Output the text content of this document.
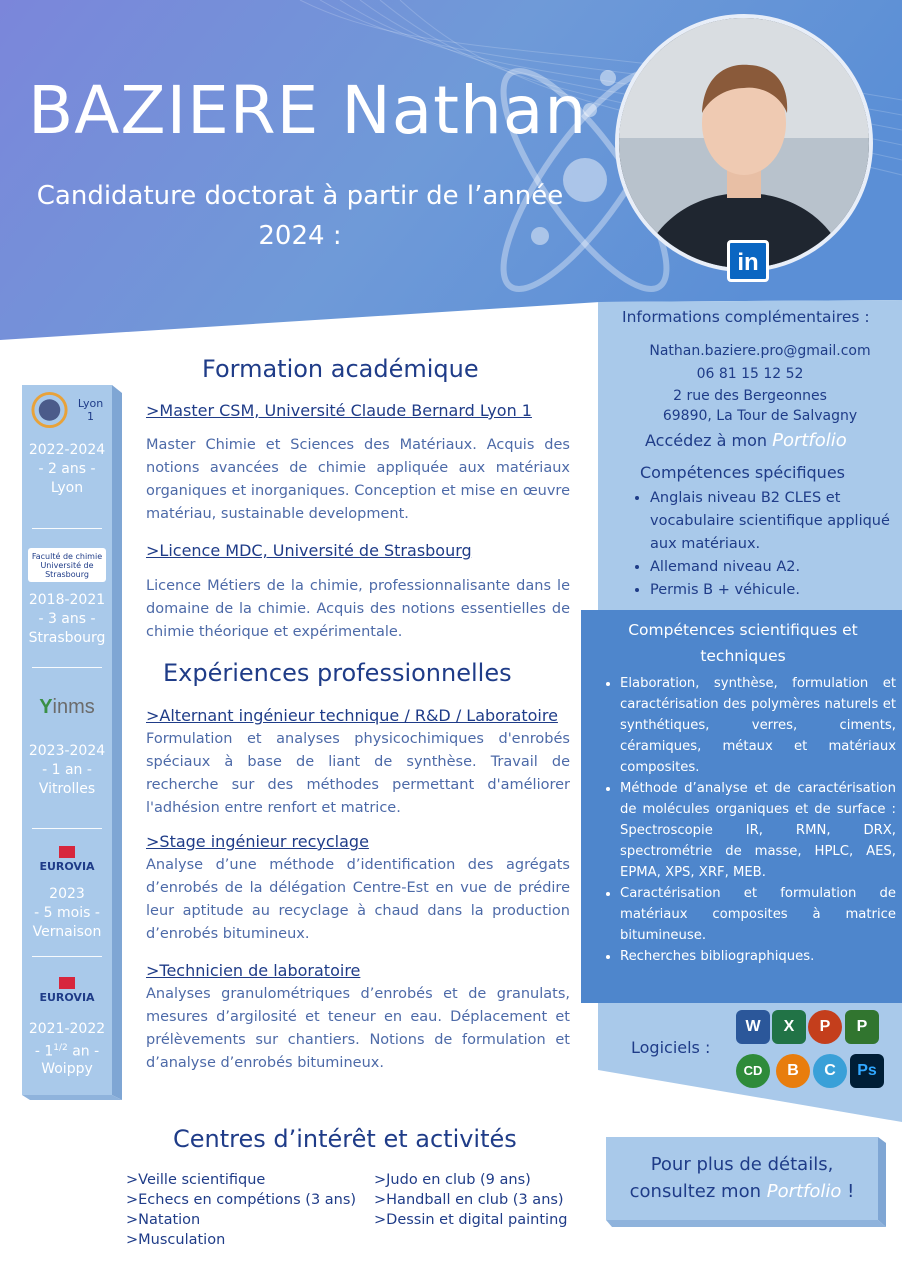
BAZIERE Nathan
Candidature doctorat à partir de l’année 2024 :
in
Informations complémentaires :
Nathan.baziere.pro@gmail.com
06 81 15 12 52
2 rue des Bergeonnes
69890, La Tour de Salvagny
Accédez à mon Portfolio
Compétences spécifiques
• Anglais niveau B2 CLES et vocabulaire scientifique appliqué aux matériaux.
• Allemand niveau A2.
• Permis B + véhicule.
Compétences scientifiques et techniques
• Elaboration, synthèse, formulation et caractérisation des polymères naturels et synthétiques, verres, ciments, céramiques, métaux et matériaux composites.
• Méthode d’analyse et de caractérisation de molécules organiques et de surface : Spectroscopie IR, RMN, DRX, spectrométrie de masse, HPLC, AES, EPMA, XPS, XRF, MEB.
• Caractérisation et formulation de matériaux composites à matrice bitumineuse.
• Recherches bibliographiques.
Logiciels :
W	X	P	P
CD	B	C	Ps
Lyon 1
2022-2024
- 2 ans -
Lyon
Faculté de chimie Université de Strasbourg
2018-2021
- 3 ans -
Strasbourg
Y inms
2023-2024
- 1 an -
Vitrolles
EUROVIA
2023
- 5 mois -
Vernaison
EUROVIA
2021-2022
- $1^{1/2}$ an -
Woippy
Formation académique
>Master CSM, Université Claude Bernard Lyon 1
Master Chimie et Sciences des Matériaux. Acquis des notions avancées de chimie appliquée aux matériaux organiques et inorganiques. Conception et mise en œuvre matériau, sustainable development.
>Licence MDC, Université de Strasbourg
Licence Métiers de la chimie, professionnalisante dans le domaine de la chimie. Acquis des notions essentielles de chimie théorique et expérimentale.
Expériences professionnelles
>Alternant ingénieur technique / R&D / Laboratoire
Formulation et analyses physicochimiques d'enrobés spéciaux à base de liant de synthèse. Travail de recherche sur des méthodes permettant d'améliorer l'adhésion entre renfort et matrice.
>Stage ingénieur recyclage
Analyse d’une méthode d’identification des agrégats d’enrobés de la délégation Centre-Est en vue de prédire leur aptitude au recyclage à chaud dans la production d’enrobés bitumineux.
>Technicien de laboratoire
Analyses granulométriques d’enrobés et de granulats, mesures d’argilosité et teneur en eau. Déplacement et prélèvements sur chantiers. Notions de formulation et d’analyse d’enrobés bitumineux.
Centres d’intérêt et activités
>Veille scientifique
>Echecs en compétions (3 ans)
>Natation
>Musculation
>Judo en club (9 ans)
>Handball en club (3 ans)
>Dessin et digital painting
Pour plus de détails,
consultez mon Portfolio !
